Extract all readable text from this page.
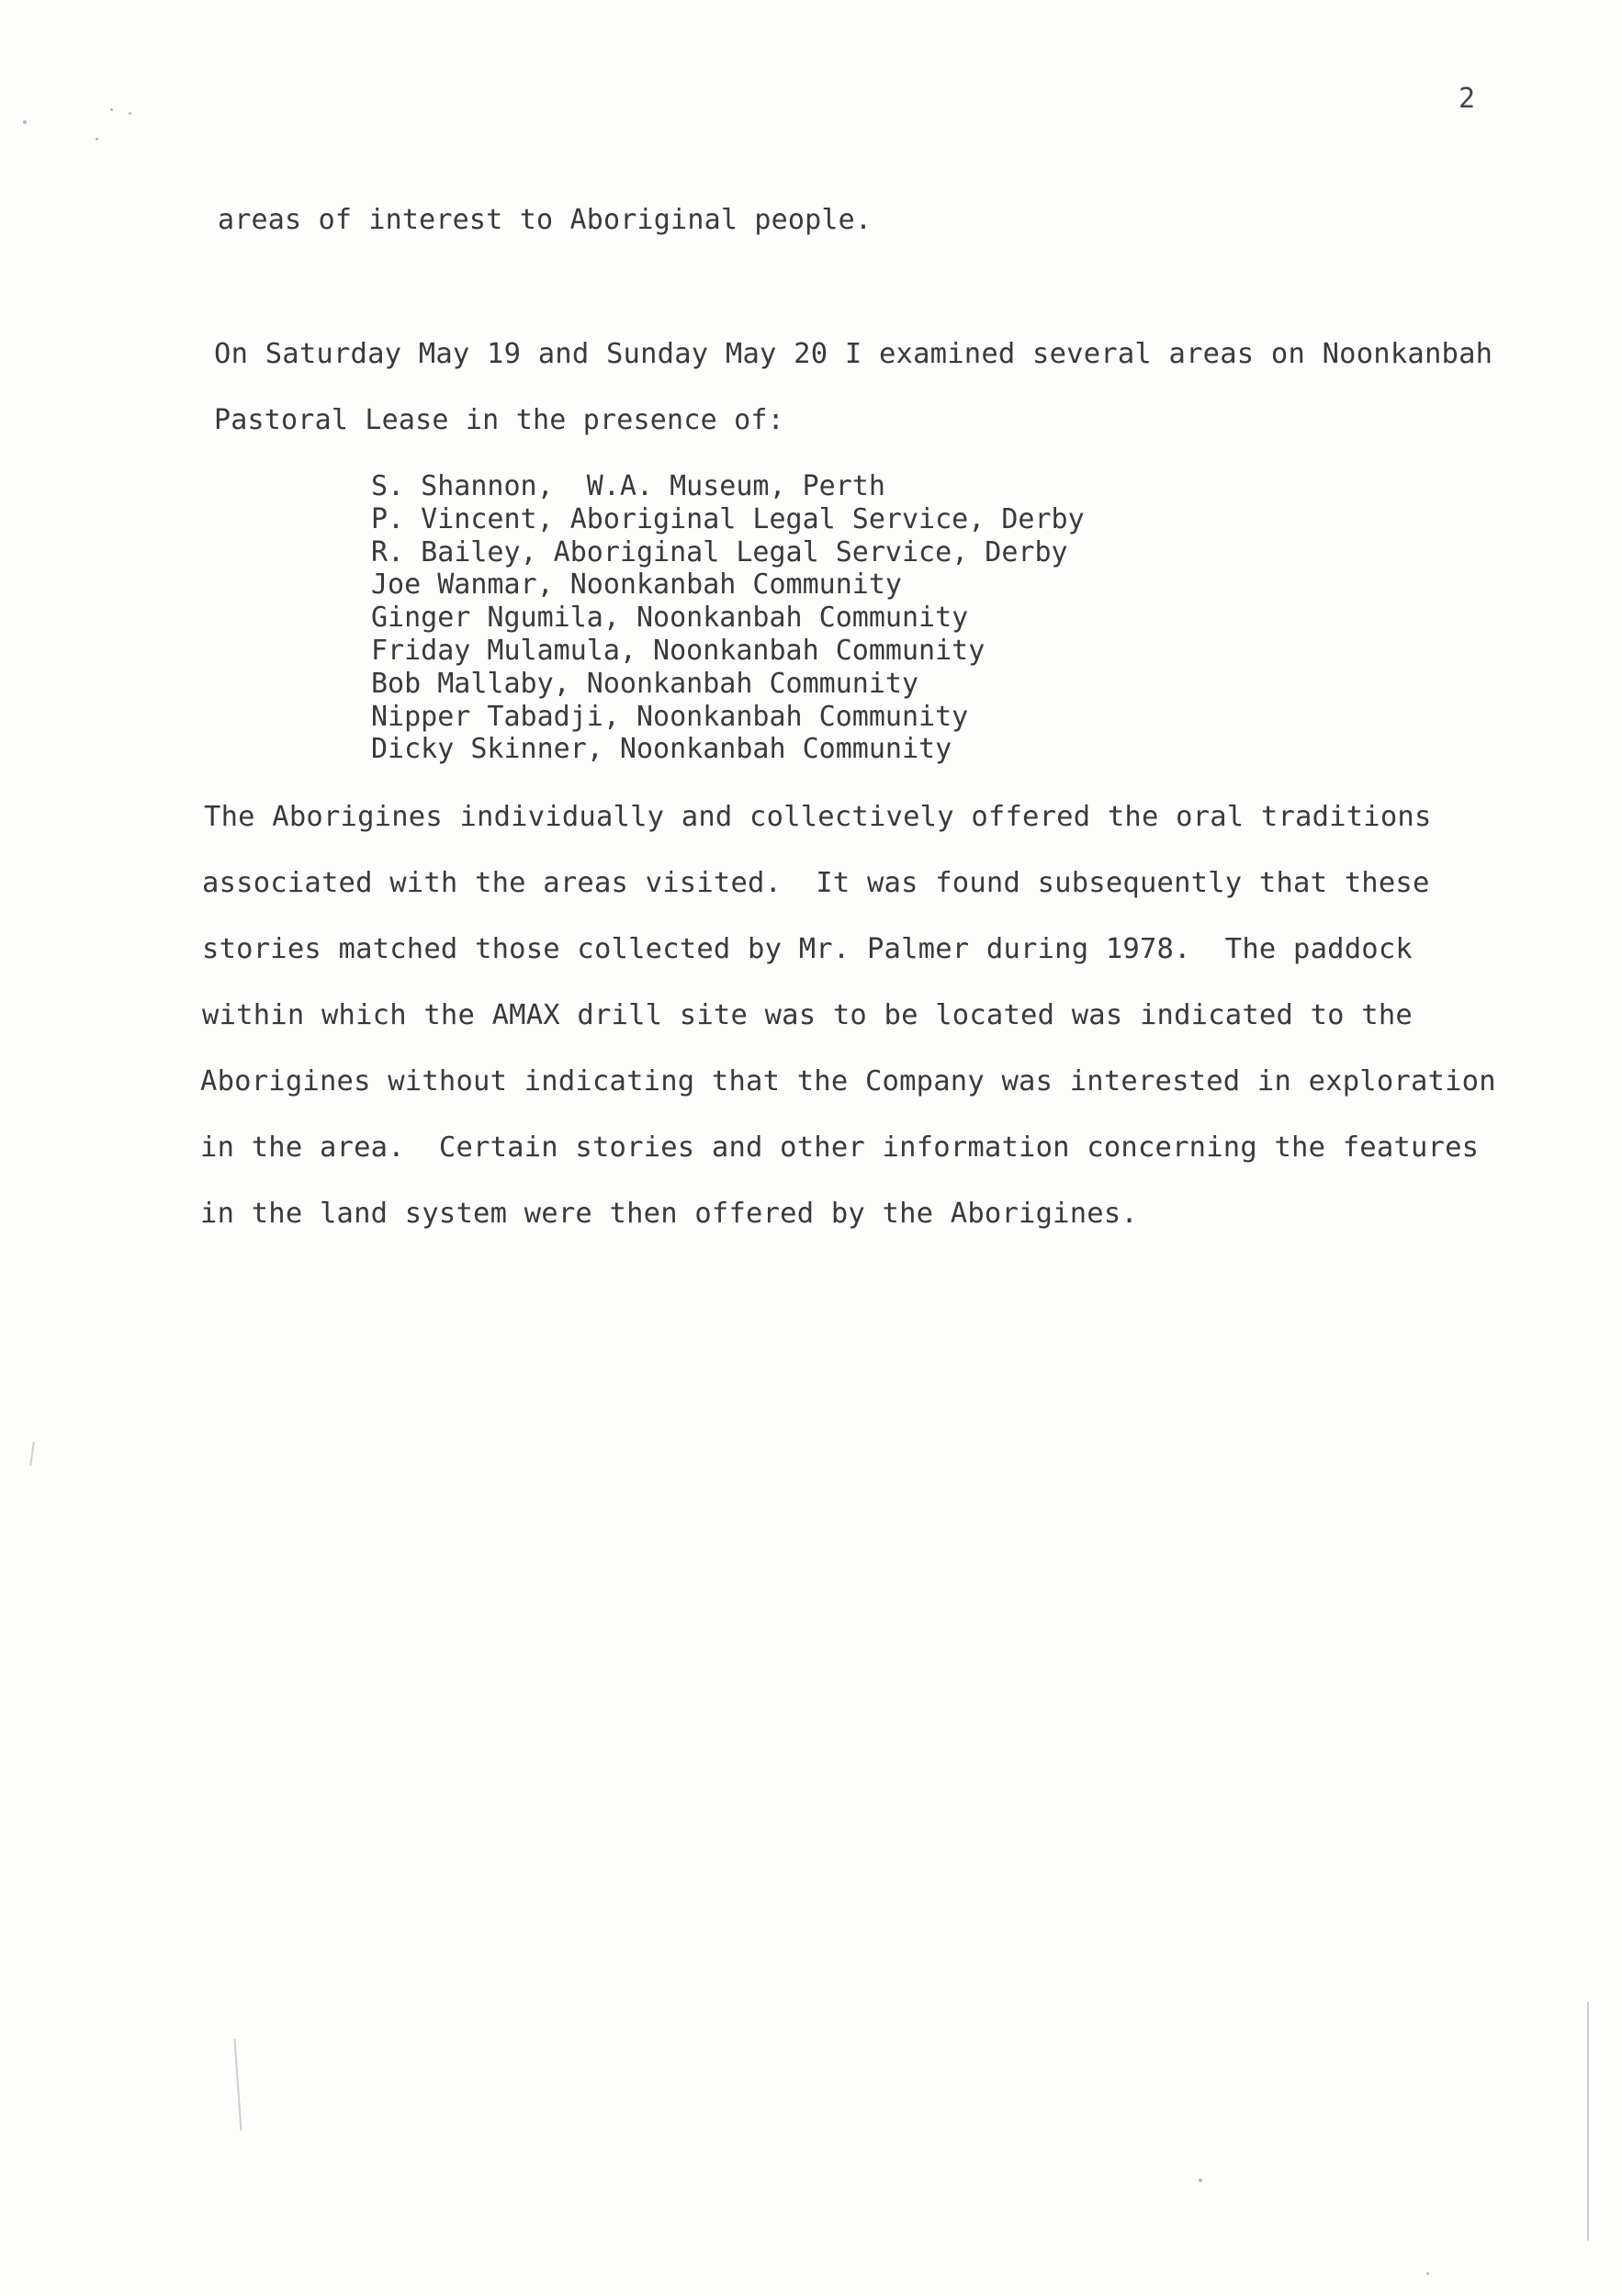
2
areas of interest to Aboriginal people.
On Saturday May 19 and Sunday May 20 I examined several areas on Noonkanbah
Pastoral Lease in the presence of:
S. Shannon,  W.A. Museum, Perth
P. Vincent, Aboriginal Legal Service, Derby
R. Bailey, Aboriginal Legal Service, Derby
Joe Wanmar, Noonkanbah Community
Ginger Ngumila, Noonkanbah Community
Friday Mulamula, Noonkanbah Community
Bob Mallaby, Noonkanbah Community
Nipper Tabadji, Noonkanbah Community
Dicky Skinner, Noonkanbah Community
The Aborigines individually and collectively offered the oral traditions
associated with the areas visited.  It was found subsequently that these
stories matched those collected by Mr. Palmer during 1978.  The paddock
within which the AMAX drill site was to be located was indicated to the
Aborigines without indicating that the Company was interested in exploration
in the area.  Certain stories and other information concerning the features
in the land system were then offered by the Aborigines.
